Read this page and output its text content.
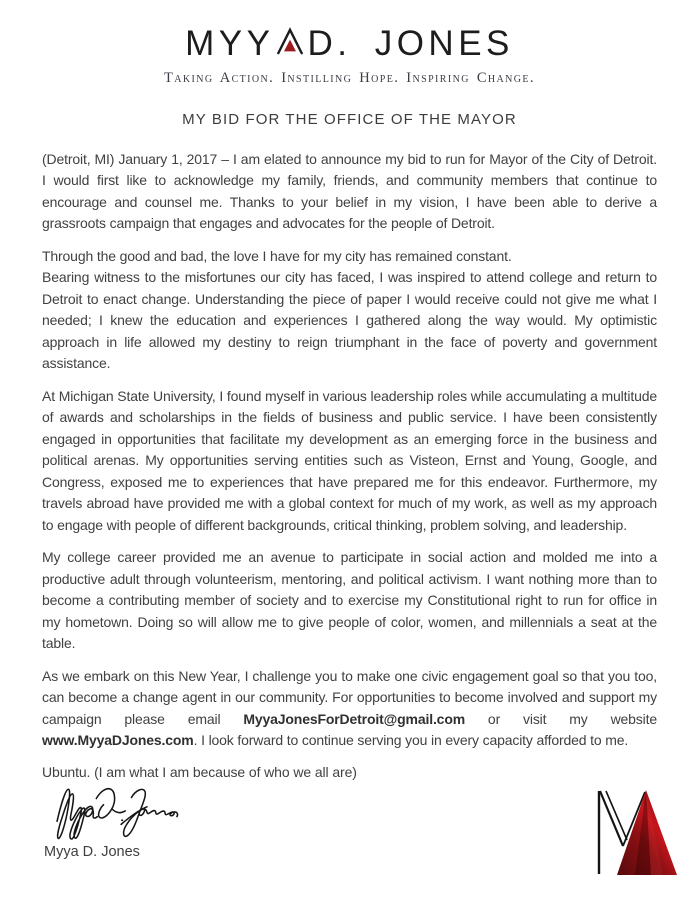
MYY D. JONES
Taking Action. Instilling Hope. Inspiring Change.
MY BID FOR THE OFFICE OF THE MAYOR

(Detroit, MI) January 1, 2017 – I am elated to announce my bid to run for Mayor of the City of Detroit. I would first like to acknowledge my family, friends, and community members that continue to encourage and counsel me. Thanks to your belief in my vision, I have been able to derive a grassroots campaign that engages and advocates for the people of Detroit.

Through the good and bad, the love I have for my city has remained constant.
Bearing witness to the misfortunes our city has faced, I was inspired to attend college and return to Detroit to enact change. Understanding the piece of paper I would receive could not give me what I needed; I knew the education and experiences I gathered along the way would. My optimistic approach in life allowed my destiny to reign triumphant in the face of poverty and government assistance.

At Michigan State University, I found myself in various leadership roles while accumulating a multitude of awards and scholarships in the fields of business and public service. I have been consistently engaged in opportunities that facilitate my development as an emerging force in the business and political arenas. My opportunities serving entities such as Visteon, Ernst and Young, Google, and Congress, exposed me to experiences that have prepared me for this endeavor. Furthermore, my travels abroad have provided me with a global context for much of my work, as well as my approach to engage with people of different backgrounds, critical thinking, problem solving, and leadership.

My college career provided me an avenue to participate in social action and molded me into a productive adult through volunteerism, mentoring, and political activism. I want nothing more than to become a contributing member of society and to exercise my Constitutional right to run for office in my hometown. Doing so will allow me to give people of color, women, and millennials a seat at the table.

As we embark on this New Year, I challenge you to make one civic engagement goal so that you too, can become a change agent in our community. For opportunities to become involved and support my campaign please email MyyaJonesForDetroit@gmail.com or visit my website www.MyyaDJones.com. I look forward to continue serving you in every capacity afforded to me.

Ubuntu. (I am what I am because of who we all are)
Myya D. Jones
